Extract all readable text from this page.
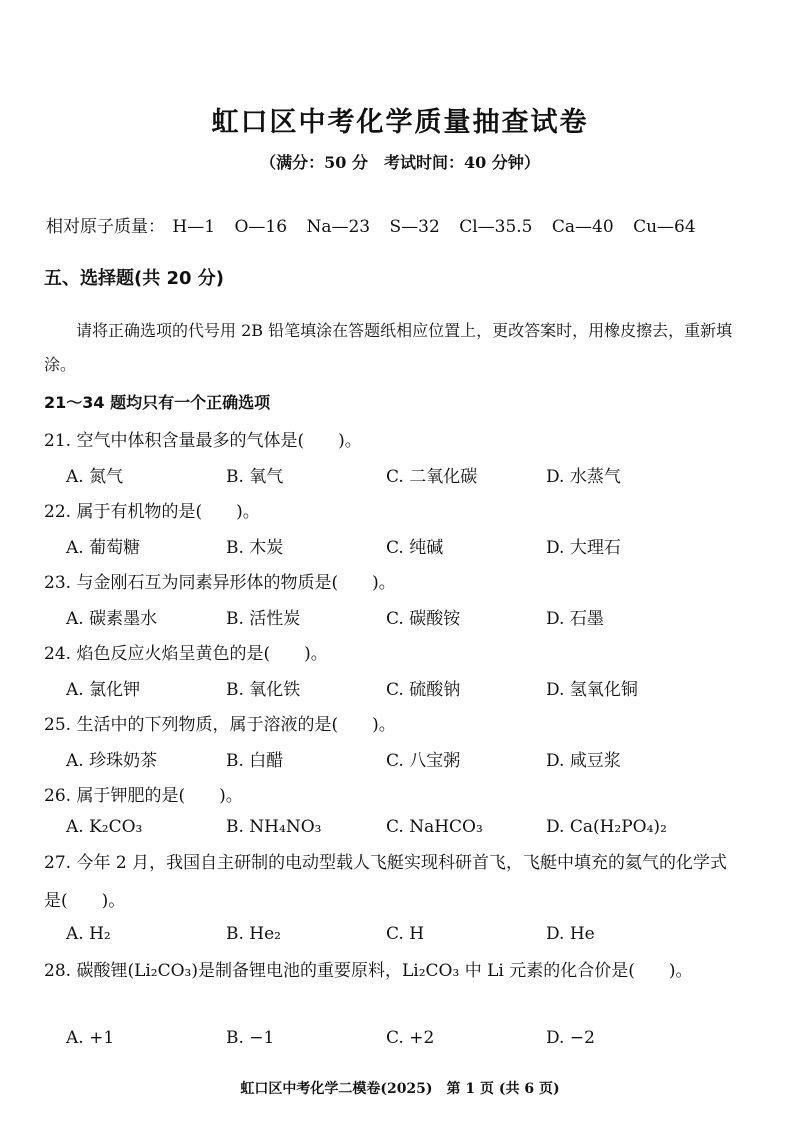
虹口区中考化学质量抽查试卷
（满分：50 分　考试时间：40 分钟）
相对原子质量： H—1 O—16 Na—23 S—32 Cl—35.5 Ca—40 Cu—64
五、选择题(共 20 分)
请将正确选项的代号用 2B 铅笔填涂在答题纸相应位置上，更改答案时，用橡皮擦去，重新填涂。
21～34 题均只有一个正确选项
21. 空气中体积含量最多的气体是(　　)。
A. 氮气	B. 氧气	C. 二氧化碳	D. 水蒸气
22. 属于有机物的是(　　)。
A. 葡萄糖	B. 木炭	C. 纯碱	D. 大理石
23. 与金刚石互为同素异形体的物质是(　　)。
A. 碳素墨水	B. 活性炭	C. 碳酸铵	D. 石墨
24. 焰色反应火焰呈黄色的是(　　)。
A. 氯化钾	B. 氧化铁	C. 硫酸钠	D. 氢氧化铜
25. 生活中的下列物质，属于溶液的是(　　)。
A. 珍珠奶茶	B. 白醋	C. 八宝粥	D. 咸豆浆
26. 属于钾肥的是(　　)。
A. K₂CO₃	B. NH₄NO₃	C. NaHCO₃	D. Ca(H₂PO₄)₂
27. 今年 2 月，我国自主研制的电动型载人飞艇实现科研首飞，飞艇中填充的氦气的化学式是(　　)。
A. H₂	B. He₂	C. H	D. He
28. 碳酸锂(Li₂CO₃)是制备锂电池的重要原料，Li₂CO₃ 中 Li 元素的化合价是(　　)。
A. +1	B. −1	C. +2	D. −2
虹口区中考化学二模卷(2025)　第 1 页 (共 6 页)
